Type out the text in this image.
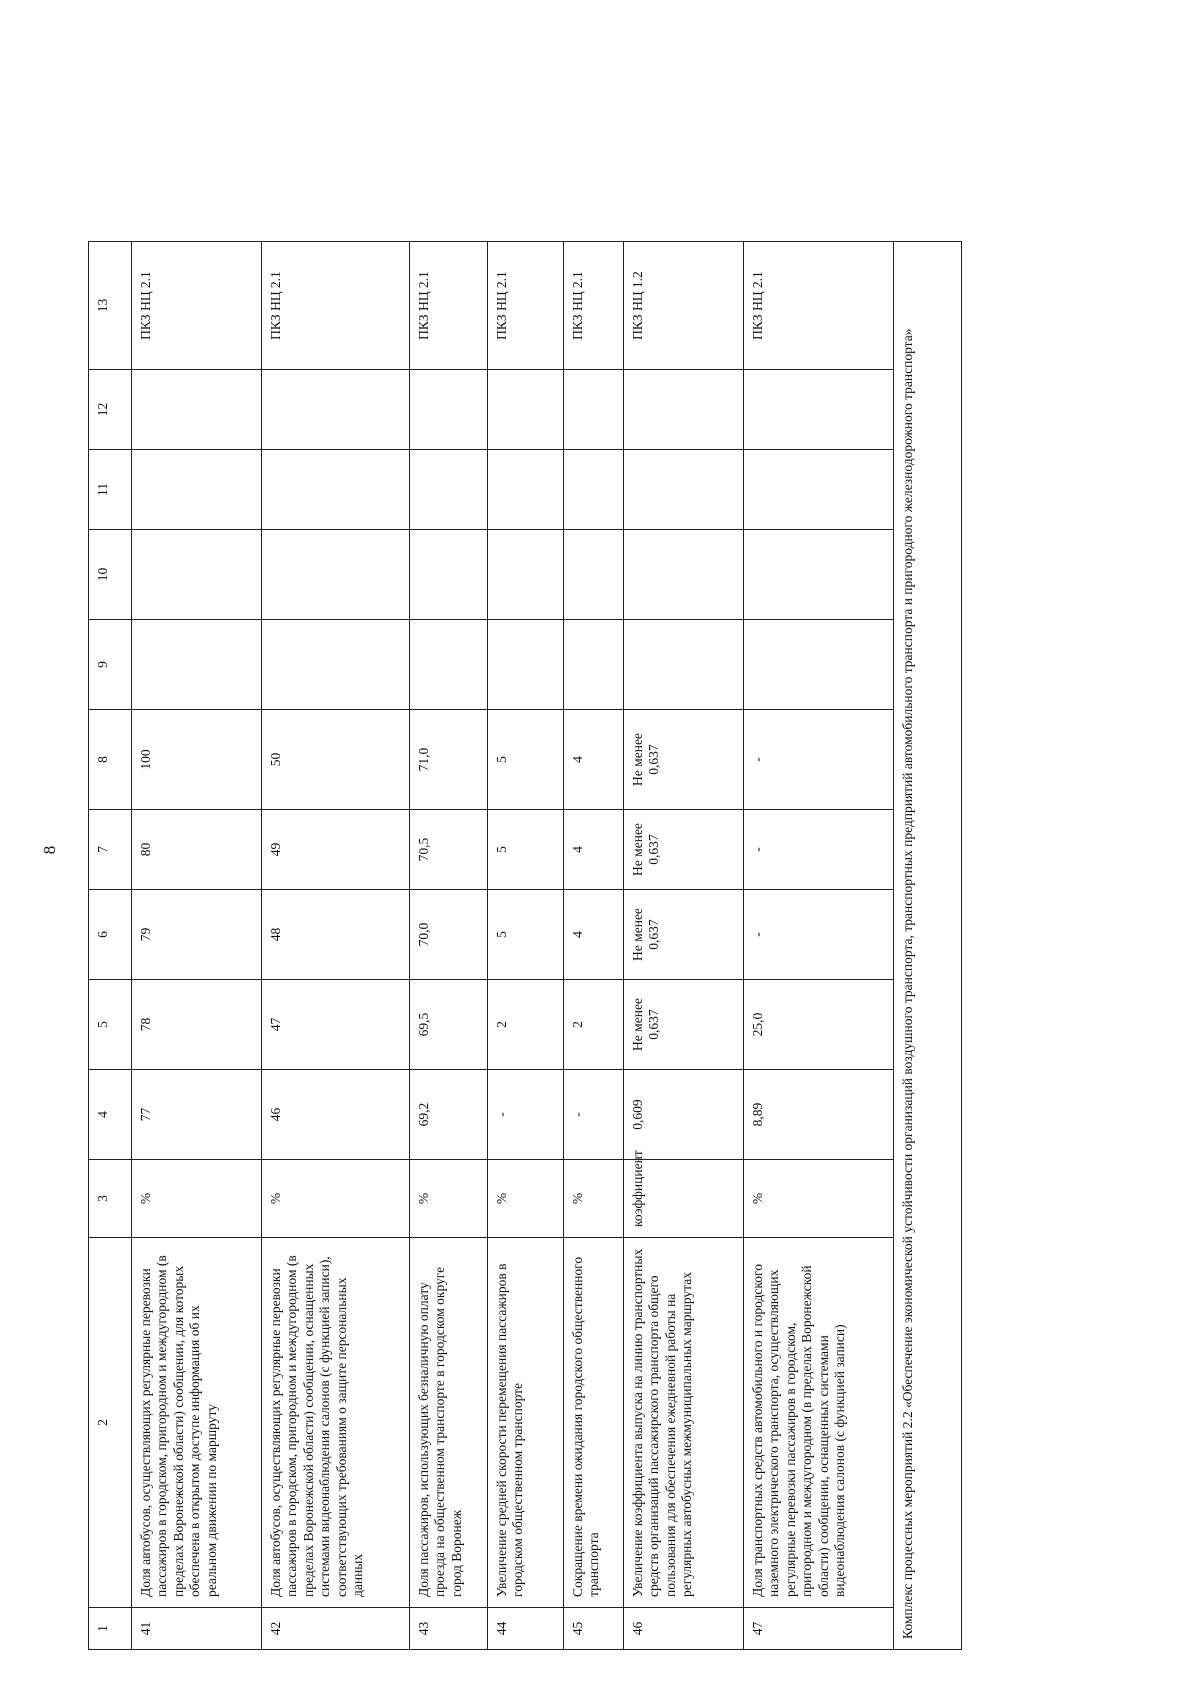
8
1	2	3	4	5	6	7	8	9	10	11	12	13
41	Доля автобусов, осуществляющих регулярные перевозки пассажиров в городском, пригородном и междугородном (в пределах Воронежской области) сообщении, для которых обеспечена в открытом доступе информация об их реальном движении по маршруту	%	77	78	79	80	100					ПКЗ НЦ 2.1
42	Доля автобусов, осуществляющих регулярные перевозки пассажиров в городском, пригородном и междугородном (в пределах Воронежской области) сообщении, оснащенных системами видеонаблюдения салонов (с функцией записи), соответствующих требованиям о защите персональных данных	%	46	47	48	49	50					ПКЗ НЦ 2.1
43	Доля пассажиров, использующих безналичную оплату проезда на общественном транспорте в городском округе город Воронеж	%	69,2	69,5	70,0	70,5	71,0					ПКЗ НЦ 2.1
44	Увеличение средней скорости перемещения пассажиров в городском общественном транспорте	%	-	2	5	5	5					ПКЗ НЦ 2.1
45	Сокращение времени ожидания городского общественного транспорта	%	-	2	4	4	4					ПКЗ НЦ 2.1
46	Увеличение коэффициента выпуска на линию транспортных средств организаций пассажирского транспорта общего пользования для обеспечения ежедневной работы на регулярных автобусных межмуниципальных маршрутах	коэффициент	0,609	Не менее 0,637	Не менее 0,637	Не менее 0,637	Не менее 0,637					ПКЗ НЦ 1.2
47	Доля транспортных средств автомобильного и городского наземного электрического транспорта, осуществляющих регулярные перевозки пассажиров в городском, пригородном и междугородном (в пределах Воронежской области) сообщении, оснащенных системами видеонаблюдения салонов (с функцией записи)	%	8,89	25,0	-	-	-					ПКЗ НЦ 2.1
Комплекс процессных мероприятий 2.2 «Обеспечение экономической устойчивости организаций воздушного транспорта, транспортных предприятий автомобильного транспорта и пригородного железнодорожного транспорта»												
